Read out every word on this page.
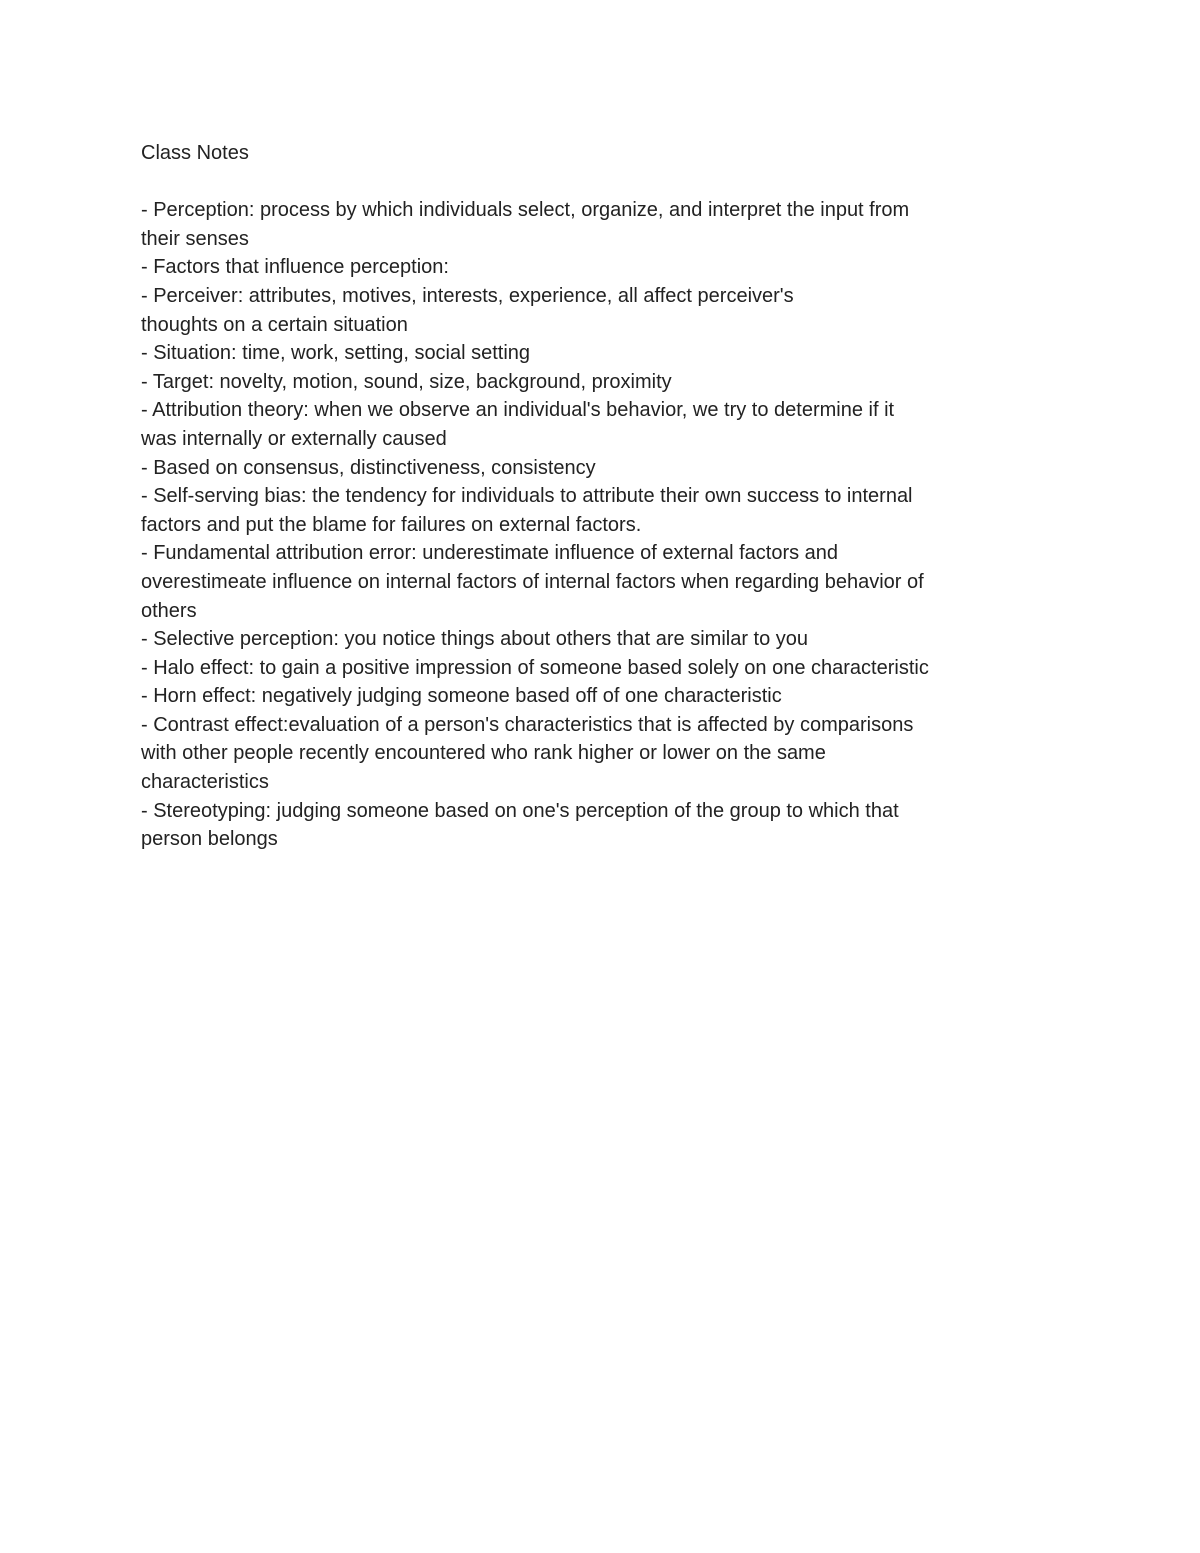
Class Notes
- Perception: process by which individuals select, organize, and interpret the input from
their senses
- Factors that influence perception:
- Perceiver: attributes, motives, interests, experience, all affect perceiver's
thoughts on a certain situation
- Situation: time, work, setting, social setting
- Target: novelty, motion, sound, size, background, proximity
- Attribution theory: when we observe an individual's behavior, we try to determine if it
was internally or externally caused
- Based on consensus, distinctiveness, consistency
- Self-serving bias: the tendency for individuals to attribute their own success to internal
factors and put the blame for failures on external factors.
- Fundamental attribution error: underestimate influence of external factors and
overestimeate influence on internal factors of internal factors when regarding behavior of
others
- Selective perception: you notice things about others that are similar to you
- Halo effect: to gain a positive impression of someone based solely on one characteristic
- Horn effect: negatively judging someone based off of one characteristic
- Contrast effect:evaluation of a person's characteristics that is affected by comparisons
with other people recently encountered who rank higher or lower on the same
characteristics
- Stereotyping: judging someone based on one's perception of the group to which that
person belongs
